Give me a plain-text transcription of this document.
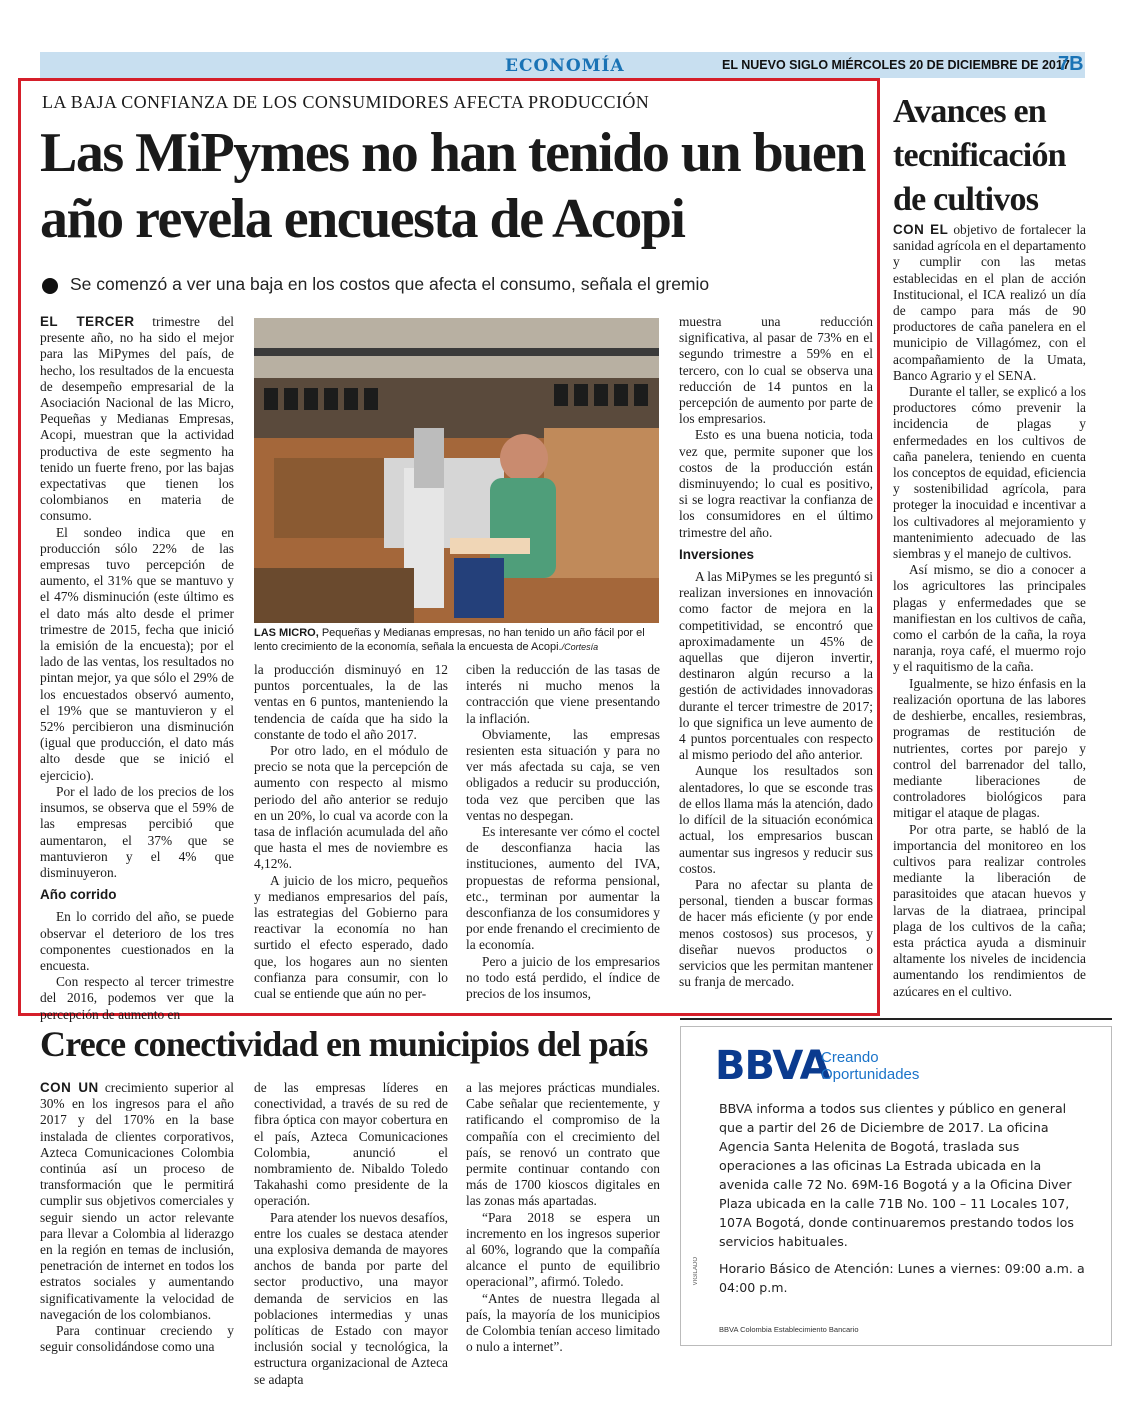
ECONOMÍA	EL NUEVO SIGLO MIÉRCOLES 20 DE DICIEMBRE DE 2017
7B
LA BAJA CONFIANZA DE LOS CONSUMIDORES AFECTA PRODUCCIÓN
Las MiPymes no han tenido un buen año revela encuesta de Acopi
Se comenzó a ver una baja en los costos que afecta el consumo, señala el gremio

EL TERCER trimestre del presente año, no ha sido el mejor para las MiPymes del país, de hecho, los resultados de la encuesta de desempeño empresarial de la Asociación Nacional de las Micro, Pequeñas y Medianas Empresas, Acopi, muestran que la actividad productiva de este segmento ha tenido un fuerte freno, por las bajas expectativas que tienen los colombianos en materia de consumo.

El sondeo indica que en producción sólo 22% de las empresas tuvo percepción de aumento, el 31% que se mantuvo y el 47% disminución (este último es el dato más alto desde el primer trimestre de 2015, fecha que inició la emisión de la encuesta); por el lado de las ventas, los resultados no pintan mejor, ya que sólo el 29% de los encuestados observó aumento, el 19% que se mantuvieron y el 52% percibieron una disminución (igual que producción, el dato más alto desde que se inició el ejercicio).

Por el lado de los precios de los insumos, se observa que el 59% de las empresas percibió que aumentaron, el 37% que se mantuvieron y el 4% que disminuyeron.

Año corrido

En lo corrido del año, se puede observar el deterioro de los tres componentes cuestionados en la encuesta.

Con respecto al tercer trimestre del 2016, podemos ver que la percepción de aumento en

LAS MICRO, Pequeñas y Medianas empresas, no han tenido un año fácil por el lento crecimiento de la economía, señala la encuesta de Acopi./Cortesía

la producción disminuyó en 12 puntos porcentuales, la de las ventas en 6 puntos, manteniendo la tendencia de caída que ha sido la constante de todo el año 2017.

Por otro lado, en el módulo de precio se nota que la percepción de aumento con respecto al mismo periodo del año anterior se redujo en un 20%, lo cual va acorde con la tasa de inflación acumulada del año que hasta el mes de noviembre es 4,12%.

A juicio de los micro, pequeños y medianos empresarios del país, las estrategias del Gobierno para reactivar la economía no han surtido el efecto esperado, dado que, los hogares aun no sienten confianza para consumir, con lo cual se entiende que aún no per-

ciben la reducción de las tasas de interés ni mucho menos la contracción que viene presentando la inflación.

Obviamente, las empresas resienten esta situación y para no ver más afectada su caja, se ven obligados a reducir su producción, toda vez que perciben que las ventas no despegan.

Es interesante ver cómo el coctel de desconfianza hacia las instituciones, aumento del IVA, propuestas de reforma pensional, etc., terminan por aumentar la desconfianza de los consumidores y por ende frenando el crecimiento de la economía.

Pero a juicio de los empresarios no todo está perdido, el índice de precios de los insumos,

muestra una reducción significativa, al pasar de 73% en el segundo trimestre a 59% en el tercero, con lo cual se observa una reducción de 14 puntos en la percepción de aumento por parte de los empresarios.

Esto es una buena noticia, toda vez que, permite suponer que los costos de la producción están disminuyendo; lo cual es positivo, si se logra reactivar la confianza de los consumidores en el último trimestre del año.

Inversiones

A las MiPymes se les preguntó si realizan inversiones en innovación como factor de mejora en la competitividad, se encontró que aproximadamente un 45% de aquellas que dijeron invertir, destinaron algún recurso a la gestión de actividades innovadoras durante el tercer trimestre de 2017; lo que significa un leve aumento de 4 puntos porcentuales con respecto al mismo periodo del año anterior.

Aunque los resultados son alentadores, lo que se esconde tras de ellos llama más la atención, dado lo difícil de la situación económica actual, los empresarios buscan aumentar sus ingresos y reducir sus costos.

Para no afectar su planta de personal, tienden a buscar formas de hacer más eficiente (y por ende menos costosos) sus procesos, y diseñar nuevos productos o servicios que les permitan mantener su franja de mercado.

Avances en tecnificación de cultivos

CON EL objetivo de fortalecer la sanidad agrícola en el departamento y cumplir con las metas establecidas en el plan de acción Institucional, el ICA realizó un día de campo para más de 90 productores de caña panelera en el municipio de Villagómez, con el acompañamiento de la Umata, Banco Agrario y el SENA.

Durante el taller, se explicó a los productores cómo prevenir la incidencia de plagas y enfermedades en los cultivos de caña panelera, teniendo en cuenta los conceptos de equidad, eficiencia y sostenibilidad agrícola, para proteger la inocuidad e incentivar a los cultivadores al mejoramiento y mantenimiento adecuado de las siembras y el manejo de cultivos.

Así mismo, se dio a conocer a los agricultores las principales plagas y enfermedades que se manifiestan en los cultivos de caña, como el carbón de la caña, la roya naranja, roya café, el muermo rojo y el raquitismo de la caña.

Igualmente, se hizo énfasis en la realización oportuna de las labores de deshierbe, encalles, resiembras, programas de restitución de nutrientes, cortes por parejo y control del barrenador del tallo, mediante liberaciones de controladores biológicos para mitigar el ataque de plagas.

Por otra parte, se habló de la importancia del monitoreo en los cultivos para realizar controles mediante la liberación de parasitoides que atacan huevos y larvas de la diatraea, principal plaga de los cultivos de la caña; esta práctica ayuda a disminuir altamente los niveles de incidencia aumentando los rendimientos de azúcares en el cultivo.

Crece conectividad en municipios del país

CON UN crecimiento superior al 30% en los ingresos para el año 2017 y del 170% en la base instalada de clientes corporativos, Azteca Comunicaciones Colombia continúa así un proceso de transformación que le permitirá cumplir sus objetivos comerciales y seguir siendo un actor relevante para llevar a Colombia al liderazgo en la región en temas de inclusión, penetración de internet en todos los estratos sociales y aumentando significativamente la velocidad de navegación de los colombianos.

Para continuar creciendo y seguir consolidándose como una

de las empresas líderes en conectividad, a través de su red de fibra óptica con mayor cobertura en el país, Azteca Comunicaciones Colombia, anunció el nombramiento de. Nibaldo Toledo Takahashi como presidente de la operación.

Para atender los nuevos desafíos, entre los cuales se destaca atender una explosiva demanda de mayores anchos de banda por parte del sector productivo, una mayor demanda de servicios en las poblaciones intermedias y unas políticas de Estado con mayor inclusión social y tecnológica, la estructura organizacional de Azteca se adapta

a las mejores prácticas mundiales. Cabe señalar que recientemente, y ratificando el compromiso de la compañía con el crecimiento del país, se renovó un contrato que permite continuar contando con más de 1700 kioscos digitales en las zonas más apartadas.

“Para 2018 se espera un incremento en los ingresos superior al 60%, logrando que la compañía alcance el punto de equilibrio operacional”, afirmó. Toledo.

“Antes de nuestra llegada al país, la mayoría de los municipios de Colombia tenían acceso limitado o nulo a internet”.

BBVA
Creando
Oportunidades
BBVA informa a todos sus clientes y público en general que a partir del 26 de Diciembre de 2017. La oficina Agencia Santa Helenita de Bogotá, traslada sus operaciones a las oficinas La Estrada ubicada en la avenida calle 72 No. 69M-16 Bogotá y a la Oficina Diver Plaza ubicada en la calle 71B No. 100 – 11 Locales 107, 107A Bogotá, donde continuaremos prestando todos los servicios habituales.
Horario Básico de Atención: Lunes a viernes: 09:00 a.m. a 04:00 p.m.
VIGILADO
BBVA Colombia Establecimiento Bancario
